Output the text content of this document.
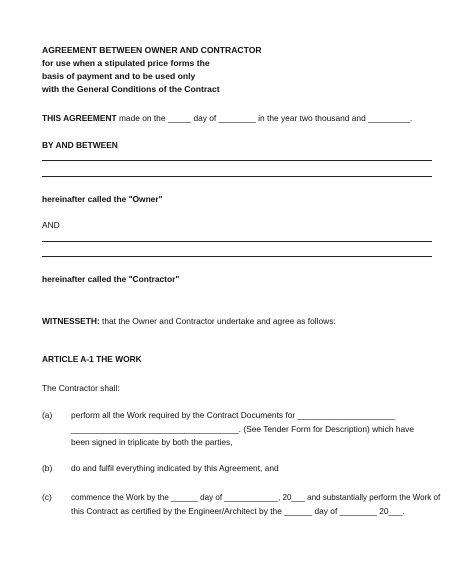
AGREEMENT BETWEEN OWNER AND CONTRACTOR
for use when a stipulated price forms the
basis of payment and to be used only
with the General Conditions of the Contract
THIS AGREEMENT made on the _____ day of ________ in the year two thousand and _________.
BY AND BETWEEN
hereinafter called the "Owner"
AND
hereinafter called the "Contractor"
WITNESSETH: that the Owner and Contractor undertake and agree as follows:
ARTICLE A-1 THE WORK
The Contractor shall:
(a) perform all the Work required by the Contract Documents for _____________________
____________________________________. (See Tender Form for Description) which have
been signed in triplicate by both the parties,
(b) do and fulfil everything indicated by this Agreement, and
(c) commence the Work by the ______ day of ____________, 20___ and substantially perform the Work of
this Contract as certified by the Engineer/Architect by the ______ day of ________ 20___.
